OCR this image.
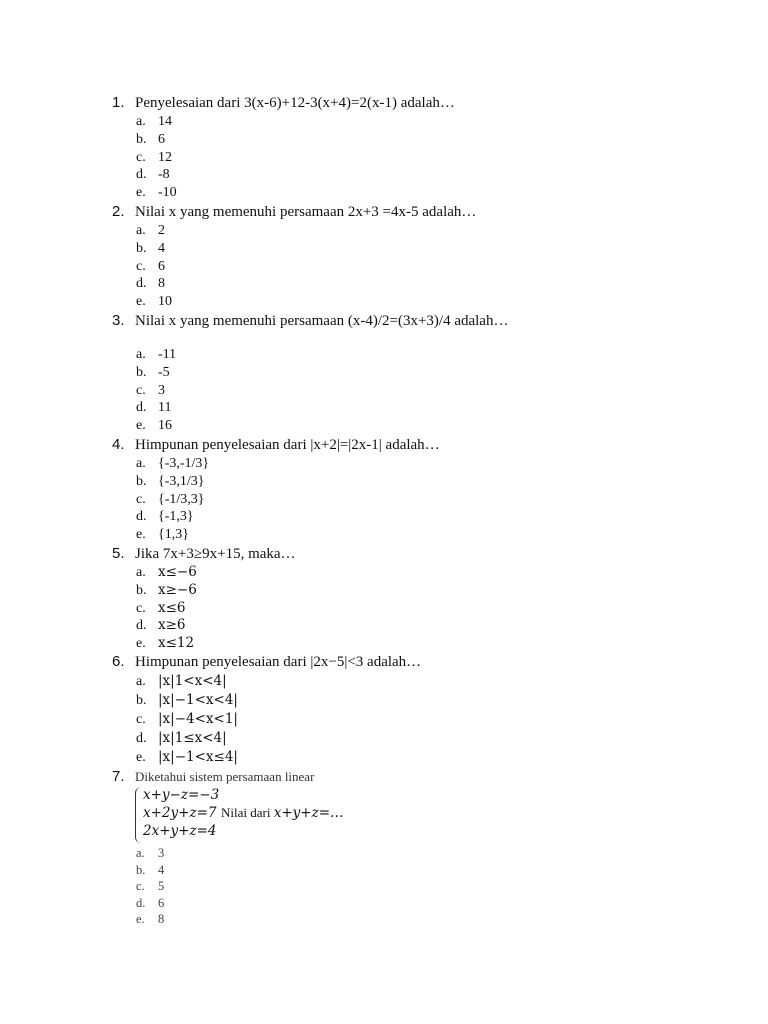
1. Penyelesaian dari 3(x-6)+12-3(x+4)=2(x-1) adalah…
a. 14
b. 6
c. 12
d. -8
e. -10
2. Nilai x yang memenuhi persamaan 2x+3 =4x-5 adalah…
a. 2
b. 4
c. 6
d. 8
e. 10
3. Nilai x yang memenuhi persamaan (x-4)/2=(3x+3)/4 adalah…
a. -11
b. -5
c. 3
d. 11
e. 16
4. Himpunan penyelesaian dari |x+2|=|2x-1| adalah…
a. {-3,-1/3}
b. {-3,1/3}
c. {-1/3,3}
d. {-1,3}
e. {1,3}
5. Jika 7x+3≥9x+15, maka…
a. x≤−6
b. x≥−6
c. x≤6
d. x≥6
e. x≤12
6. Himpunan penyelesaian dari |2x−5|<3 adalah…
a. |x|1<x<4|
b. |x|−1<x<4|
c. |x|−4<x<1|
d. |x|1≤x<4|
e. |x|−1<x≤4|
7. Diketahui sistem persamaan linear
x+y−z=−3
x+2y+z=7
2x+y+z=4
Nilai dari x+y+z=…
a. 3
b. 4
c. 5
d. 6
e. 8
